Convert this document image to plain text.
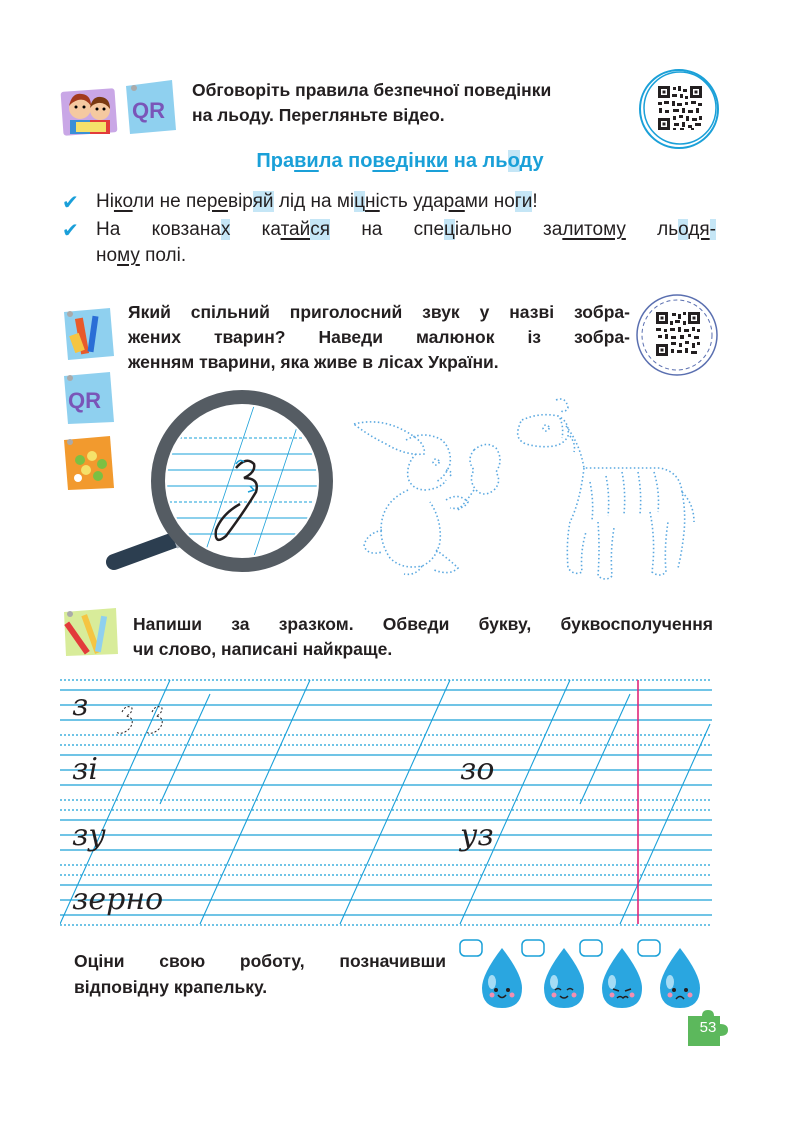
QR
Обговоріть правила безпечної поведінки
на льоду. Перегляньте відео.
Правила поведінки на льоду
✔ Ніколи не перевіряй лід на міцність ударами ноги!
✔ На ковзанах катайся на спеціально залитому льодя-
ному полі.
QR
Який спільний приголосний звук у назві зобра-
жених тварин? Наведи малюнок із зобра-
женням тварини, яка живе в лісах України.
Напиши за зразком. Обведи букву, буквосполучення
чи слово, написані найкраще.
з
зі	зо
зу	уз
зерно
Оціни свою роботу, позначивши
відповідну крапельку.
53
